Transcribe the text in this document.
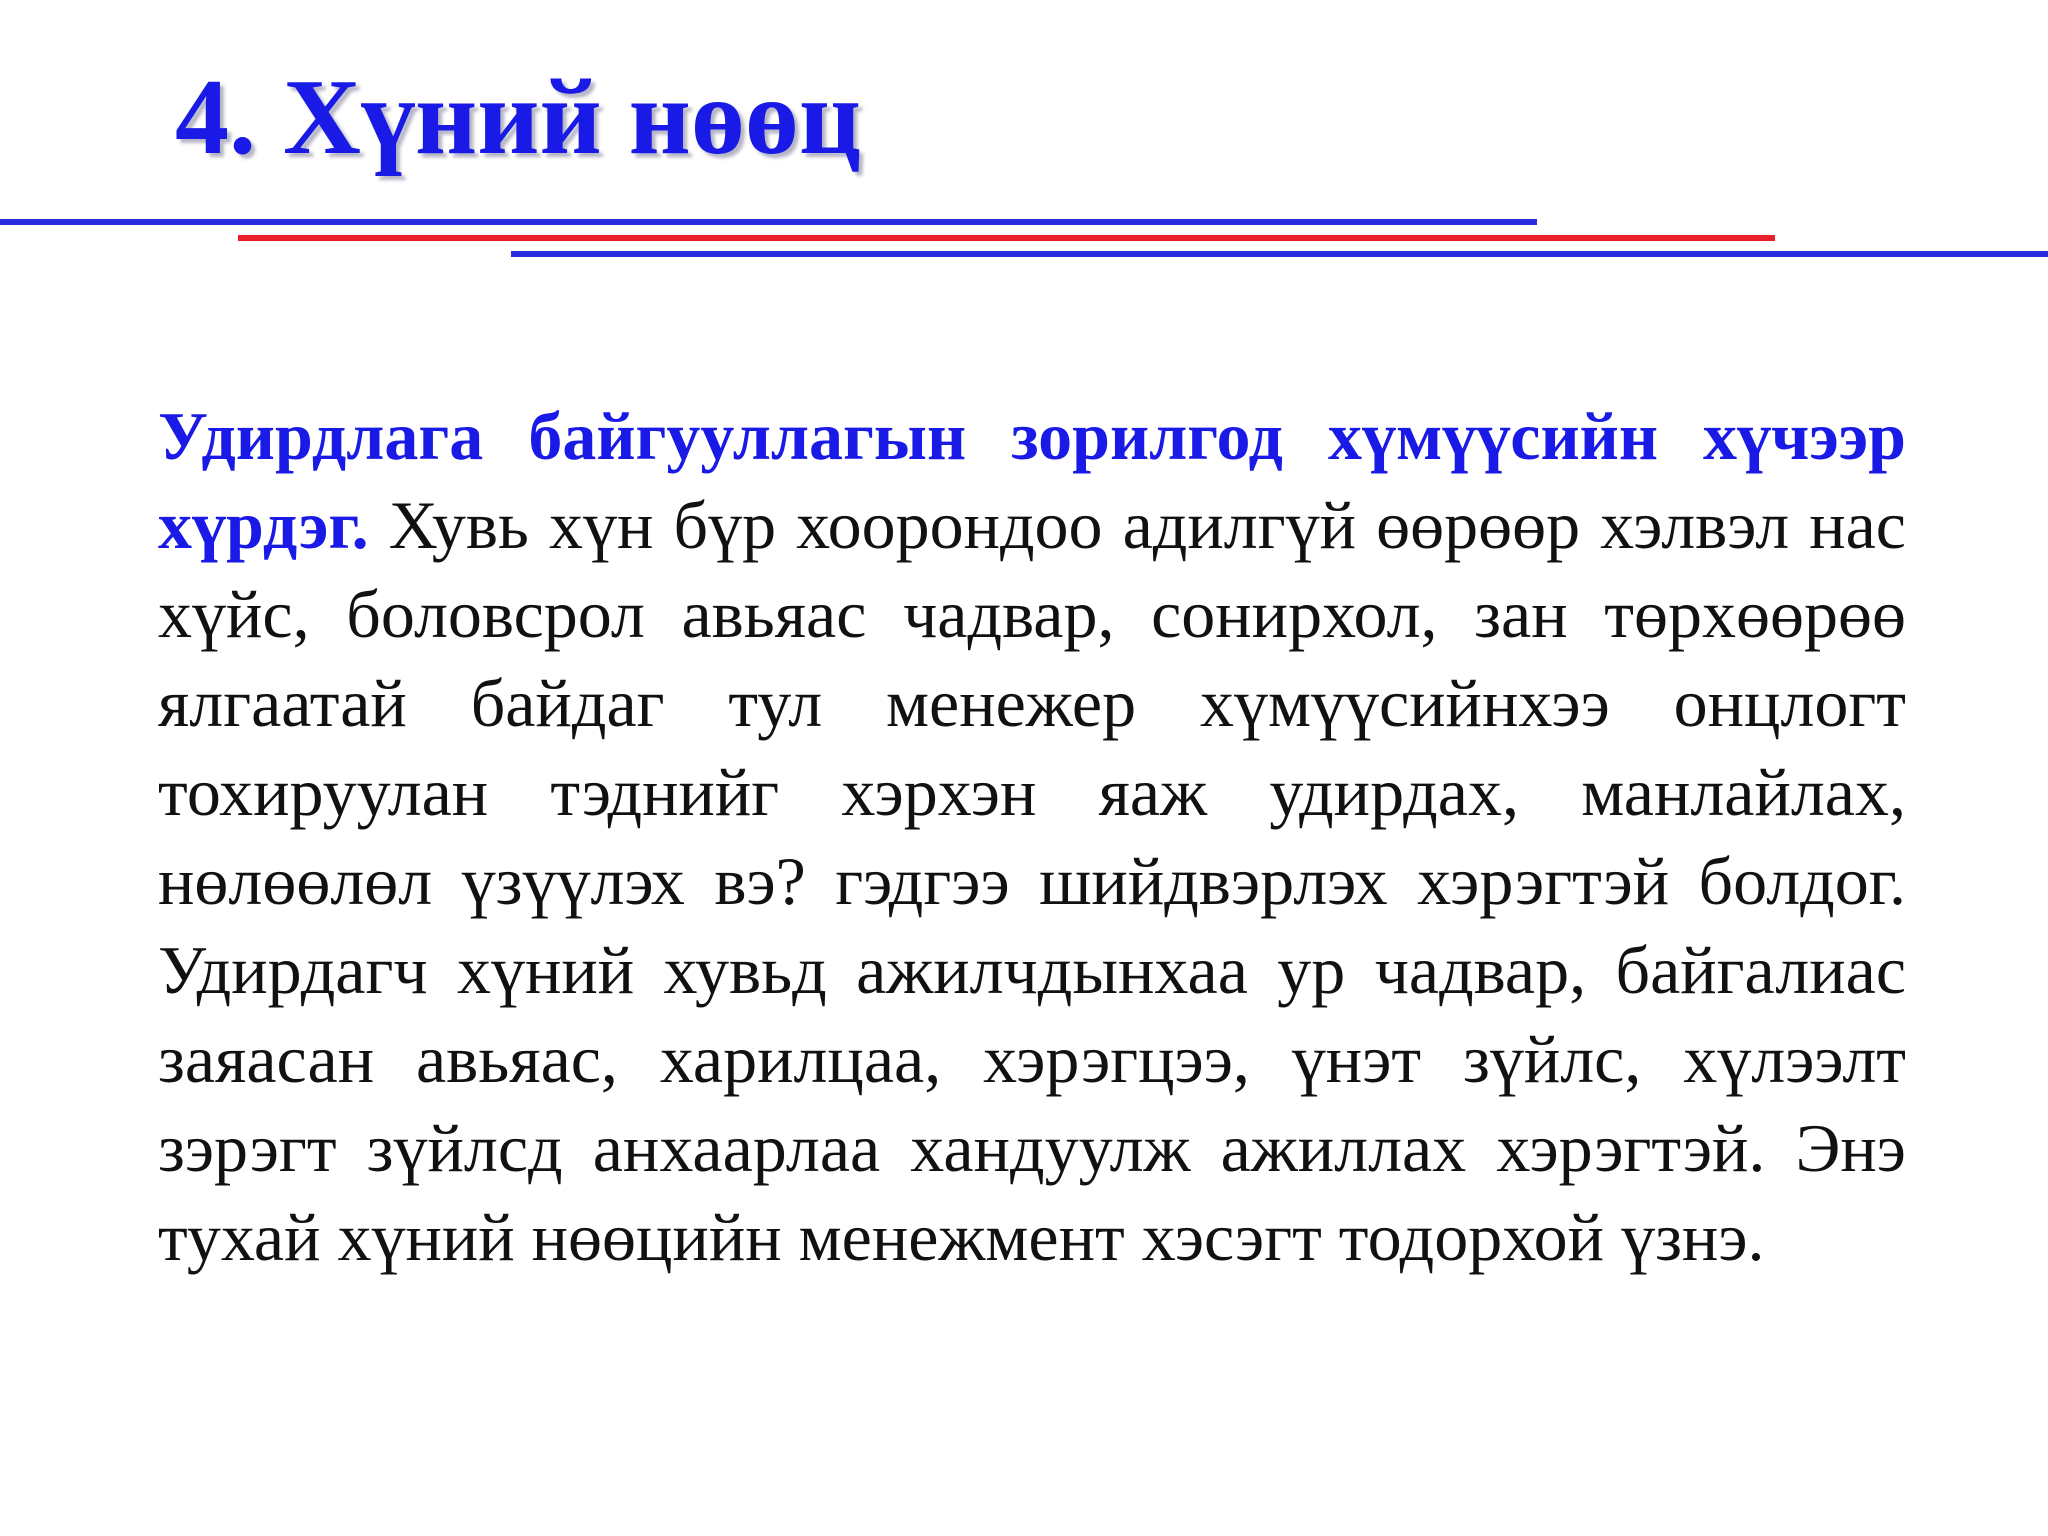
4. Хүний нөөц

Удирдлага байгууллагын зорилгод хүмүүсийн хүчээр хүрдэг. Хувь хүн бүр хоорондоо адилгүй өөрөөр хэлвэл нас хүйс, боловсрол авьяас чадвар, сонирхол, зан төрхөөрөө ялгаатай байдаг тул менежер хүмүүсийнхээ онцлогт тохируулан тэднийг хэрхэн яаж удирдах, манлайлах, нөлөөлөл үзүүлэх вэ? гэдгээ шийдвэрлэх хэрэгтэй болдог. Удирдагч хүний хувьд ажилчдынхаа ур чадвар, байгалиас заяасан авьяас, харилцаа, хэрэгцээ, үнэт зүйлс, хүлээлт зэрэгт зүйлсд анхаарлаа хандуулж ажиллах хэрэгтэй. Энэ тухай хүний нөөцийн менежмент хэсэгт тодорхой үзнэ.
